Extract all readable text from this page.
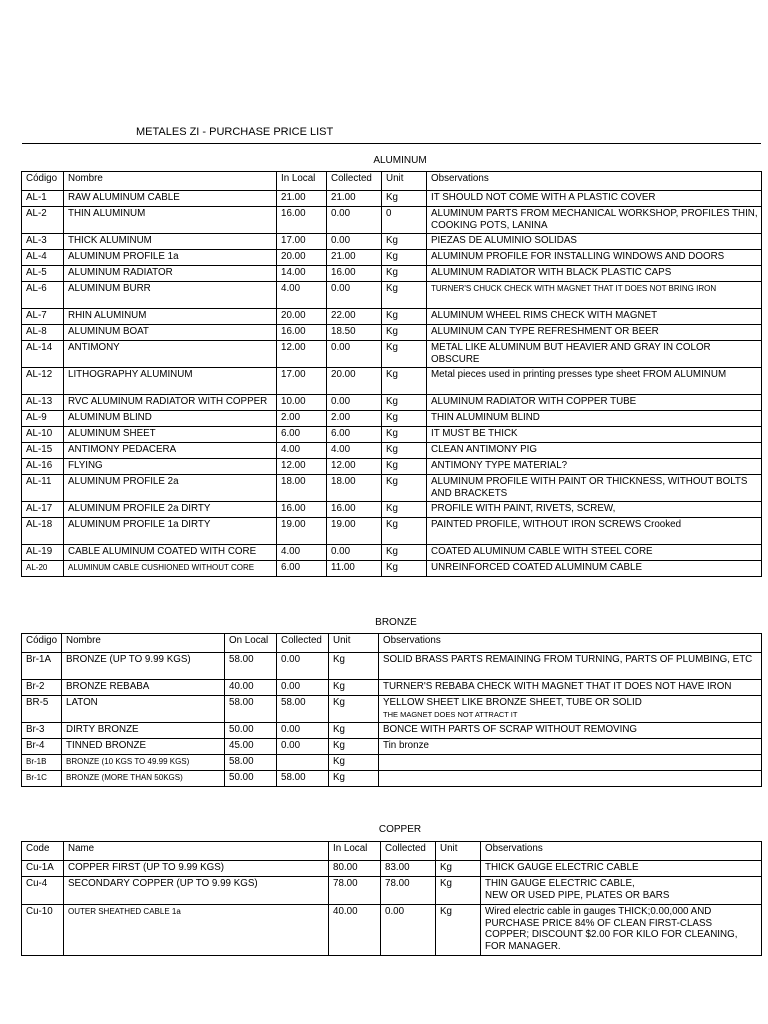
METALES ZI - PURCHASE PRICE LIST
ALUMINUM
Código	Nombre	In Local	Collected	Unit	Observations
AL-1	RAW ALUMINUM CABLE	21.00	21.00	Kg	IT SHOULD NOT COME WITH A PLASTIC COVER
AL-2	THIN ALUMINUM	16.00	0.00	0	ALUMINUM PARTS FROM MECHANICAL WORKSHOP, PROFILES THIN, COOKING POTS, LANINA
AL-3	THICK ALUMINUM	17.00	0.00	Kg	PIEZAS DE ALUMINIO SOLIDAS
AL-4	ALUMINUM PROFILE 1a	20.00	21.00	Kg	ALUMINUM PROFILE FOR INSTALLING WINDOWS AND DOORS
AL-5	ALUMINUM RADIATOR	14.00	16.00	Kg	ALUMINUM RADIATOR WITH BLACK PLASTIC CAPS
AL-6	ALUMINUM BURR	4.00	0.00	Kg	TURNER'S CHUCK CHECK WITH MAGNET THAT IT DOES NOT BRING IRON
AL-7	RHIN ALUMINUM	20.00	22.00	Kg	ALUMINUM WHEEL RIMS CHECK WITH MAGNET
AL-8	ALUMINUM BOAT	16.00	18.50	Kg	ALUMINUM CAN TYPE REFRESHMENT OR BEER
AL-14	ANTIMONY	12.00	0.00	Kg	METAL LIKE ALUMINUM BUT HEAVIER AND GRAY IN COLOR OBSCURE
AL-12	LITHOGRAPHY ALUMINUM	17.00	20.00	Kg	Metal pieces used in printing presses type sheet FROM ALUMINUM
AL-13	RVC ALUMINUM RADIATOR WITH COPPER	10.00	0.00	Kg	ALUMINUM RADIATOR WITH COPPER TUBE
AL-9	ALUMINUM BLIND	2.00	2.00	Kg	THIN ALUMINUM BLIND
AL-10	ALUMINUM SHEET	6.00	6.00	Kg	IT MUST BE THICK
AL-15	ANTIMONY PEDACERA	4.00	4.00	Kg	CLEAN ANTIMONY PIG
AL-16	FLYING	12.00	12.00	Kg	ANTIMONY TYPE MATERIAL?
AL-11	ALUMINUM PROFILE 2a	18.00	18.00	Kg	ALUMINUM PROFILE WITH PAINT OR THICKNESS, WITHOUT BOLTS AND BRACKETS
AL-17	ALUMINUM PROFILE 2a DIRTY	16.00	16.00	Kg	PROFILE WITH PAINT, RIVETS, SCREW,
AL-18	ALUMINUM PROFILE 1a DIRTY	19.00	19.00	Kg	PAINTED PROFILE, WITHOUT IRON SCREWS Crooked
AL-19	CABLE ALUMINUM COATED WITH CORE	4.00	0.00	Kg	COATED ALUMINUM CABLE WITH STEEL CORE
AL-20	ALUMINUM CABLE CUSHIONED WITHOUT CORE	6.00	11.00	Kg	UNREINFORCED COATED ALUMINUM CABLE
BRONZE
Código	Nombre	On Local	Collected	Unit	Observations
Br-1A	BRONZE (UP TO 9.99 KGS)	58.00	0.00	Kg	SOLID BRASS PARTS REMAINING FROM TURNING, PARTS OF PLUMBING, ETC
Br-2	BRONZE REBABA	40.00	0.00	Kg	TURNER'S REBABA CHECK WITH MAGNET THAT IT DOES NOT HAVE IRON
BR-5	LATON	58.00	58.00	Kg	YELLOW SHEET LIKE BRONZE SHEET, TUBE OR SOLID
THE MAGNET DOES NOT ATTRACT IT

Br-3	DIRTY BRONZE	50.00	0.00	Kg	BONCE WITH PARTS OF SCRAP WITHOUT REMOVING
Br-4	TINNED BRONZE	45.00	0.00	Kg	Tin bronze
Br-1B	BRONZE (10 KGS TO 49.99 KGS)	58.00		Kg	
Br-1C	BRONZE (MORE THAN 50KGS)	50.00	58.00	Kg	
COPPER
Code	Name	In Local	Collected	Unit	Observations
Cu-1A	COPPER FIRST (UP TO 9.99 KGS)	80.00	83.00	Kg	THICK GAUGE ELECTRIC CABLE
Cu-4	SECONDARY COPPER (UP TO 9.99 KGS)	78.00	78.00	Kg	THIN GAUGE ELECTRIC CABLE,
NEW OR USED PIPE, PLATES OR BARS

Cu-10	OUTER SHEATHED CABLE 1a	40.00	0.00	Kg	Wired electric cable in gauges THICK;0.00,000 AND PURCHASE PRICE 84% OF CLEAN FIRST-CLASS COPPER; DISCOUNT $2.00 FOR KILO FOR CLEANING, FOR MANAGER.
